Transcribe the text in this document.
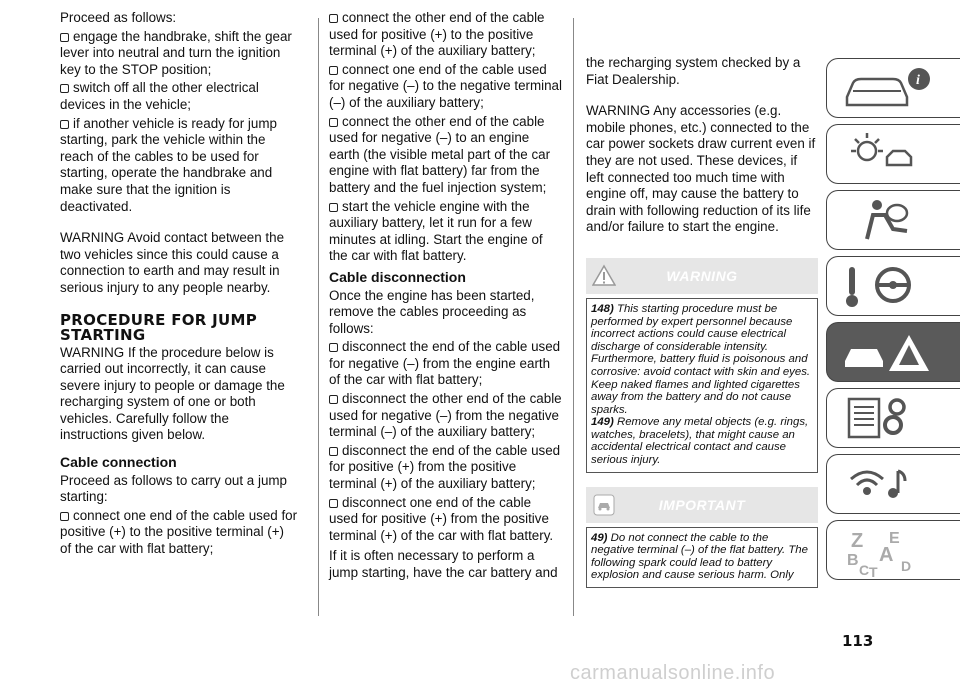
Proceed as follows:

engage the handbrake, shift the gear lever into neutral and turn the ignition key to the STOP position;

switch off all the other electrical devices in the vehicle;

if another vehicle is ready for jump starting, park the vehicle within the reach of the cables to be used for starting, operate the handbrake and make sure that the ignition is deactivated.

WARNING Avoid contact between the two vehicles since this could cause a connection to earth and may result in serious injury to any people nearby.

PROCEDURE FOR JUMP STARTING

WARNING If the procedure below is carried out incorrectly, it can cause severe injury to people or damage the recharging system of one or both vehicles. Carefully follow the instructions given below.

Cable connection

Proceed as follows to carry out a jump starting:

connect one end of the cable used for positive (+) to the positive terminal (+) of the car with flat battery;

connect the other end of the cable used for positive (+) to the positive terminal (+) of the auxiliary battery;

connect one end of the cable used for negative (–) to the negative terminal (–) of the auxiliary battery;

connect the other end of the cable used for negative (–) to an engine earth (the visible metal part of the car engine with flat battery) far from the battery and the fuel injection system;

start the vehicle engine with the auxiliary battery, let it run for a few minutes at idling. Start the engine of the car with flat battery.

Cable disconnection

Once the engine has been started, remove the cables proceeding as follows:

disconnect the end of the cable used for negative (–) from the engine earth of the car with flat battery;

disconnect the other end of the cable used for negative (–) from the negative terminal (–) of the auxiliary battery;

disconnect the end of the cable used for positive (+) from the positive terminal (+) of the auxiliary battery;

disconnect one end of the cable used for positive (+) from the positive terminal (+) of the car with flat battery.

If it is often necessary to perform a jump starting, have the car battery and

the recharging system checked by a Fiat Dealership.

WARNING Any accessories (e.g. mobile phones, etc.) connected to the car power sockets draw current even if they are not used. These devices, if left connected too much time with engine off, may cause the battery to drain with following reduction of its life and/or failure to start the engine.

WARNING
148) This starting procedure must be performed by expert personnel because incorrect actions could cause electrical discharge of considerable intensity. Furthermore, battery fluid is poisonous and corrosive: avoid contact with skin and eyes. Keep naked flames and lighted cigarettes away from the battery and do not cause sparks.
149) Remove any metal objects (e.g. rings, watches, bracelets), that might cause an accidental electrical contact and cause serious injury.
IMPORTANT
49) Do not connect the cable to the negative terminal (–) of the flat battery. The following spark could lead to battery explosion and cause serious harm. Only
i
Z E
A
B
C T D
113
carmanualsonline.info
